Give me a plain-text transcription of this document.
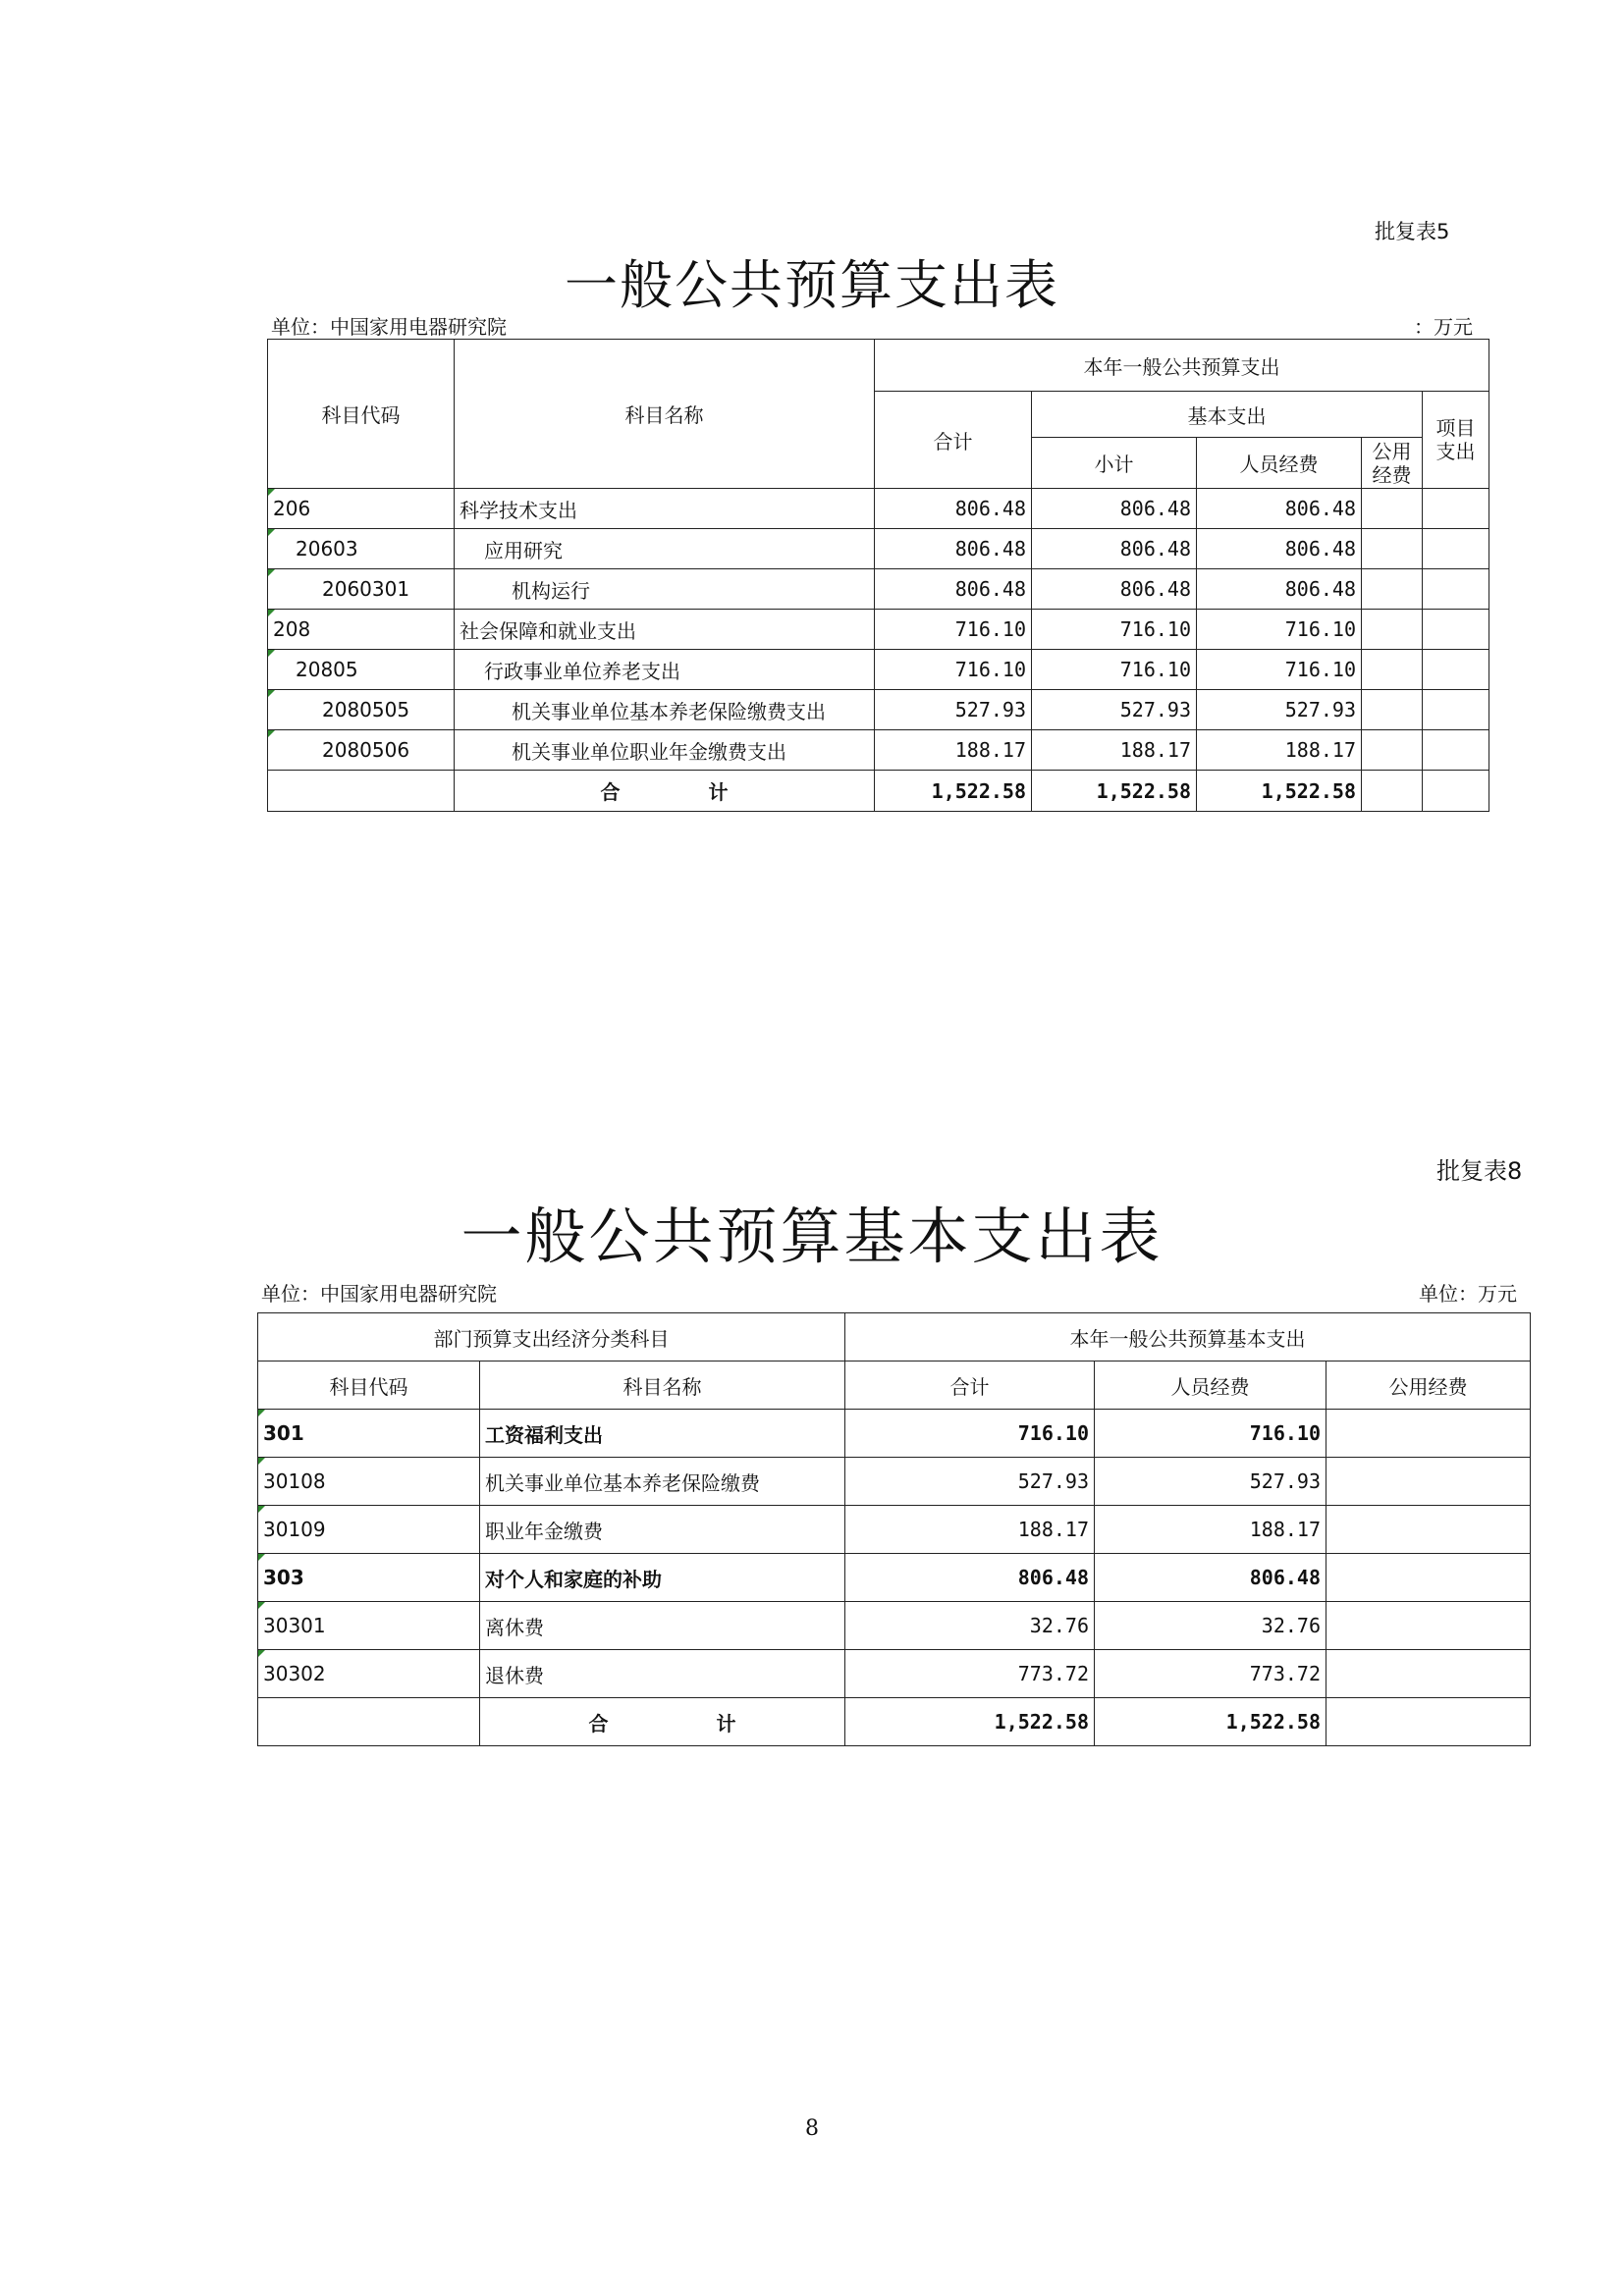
批复表5
一般公共预算支出表
单位：中国家用电器研究院	：万元
科目代码	科目名称	本年一般公共预算支出				
		合计	基本支出			项目
支出
			小计	人员经费	公用
经费	

206	科学技术支出	806.48	806.48	806.48		

20603	应用研究	806.48	806.48	806.48		

2060301	机构运行	806.48	806.48	806.48		

208	社会保障和就业支出	716.10	716.10	716.10		

20805	行政事业单位养老支出	716.10	716.10	716.10		

2080505	机关事业单位基本养老保险缴费支出	527.93	527.93	527.93		

2080506	机关事业单位职业年金缴费支出	188.17	188.17	188.17		
	合 计	1,522.58	1,522.58	1,522.58		
批复表8
一般公共预算基本支出表
单位：中国家用电器研究院	单位：万元
部门预算支出经济分类科目		本年一般公共预算基本支出		
科目代码	科目名称	合计	人员经费	公用经费

301	工资福利支出	716.10	716.10	

30108	机关事业单位基本养老保险缴费	527.93	527.93	

30109	职业年金缴费	188.17	188.17	

303	对个人和家庭的补助	806.48	806.48	

30301	离休费	32.76	32.76	

30302	退休费	773.72	773.72	
	合 计	1,522.58	1,522.58	
8
